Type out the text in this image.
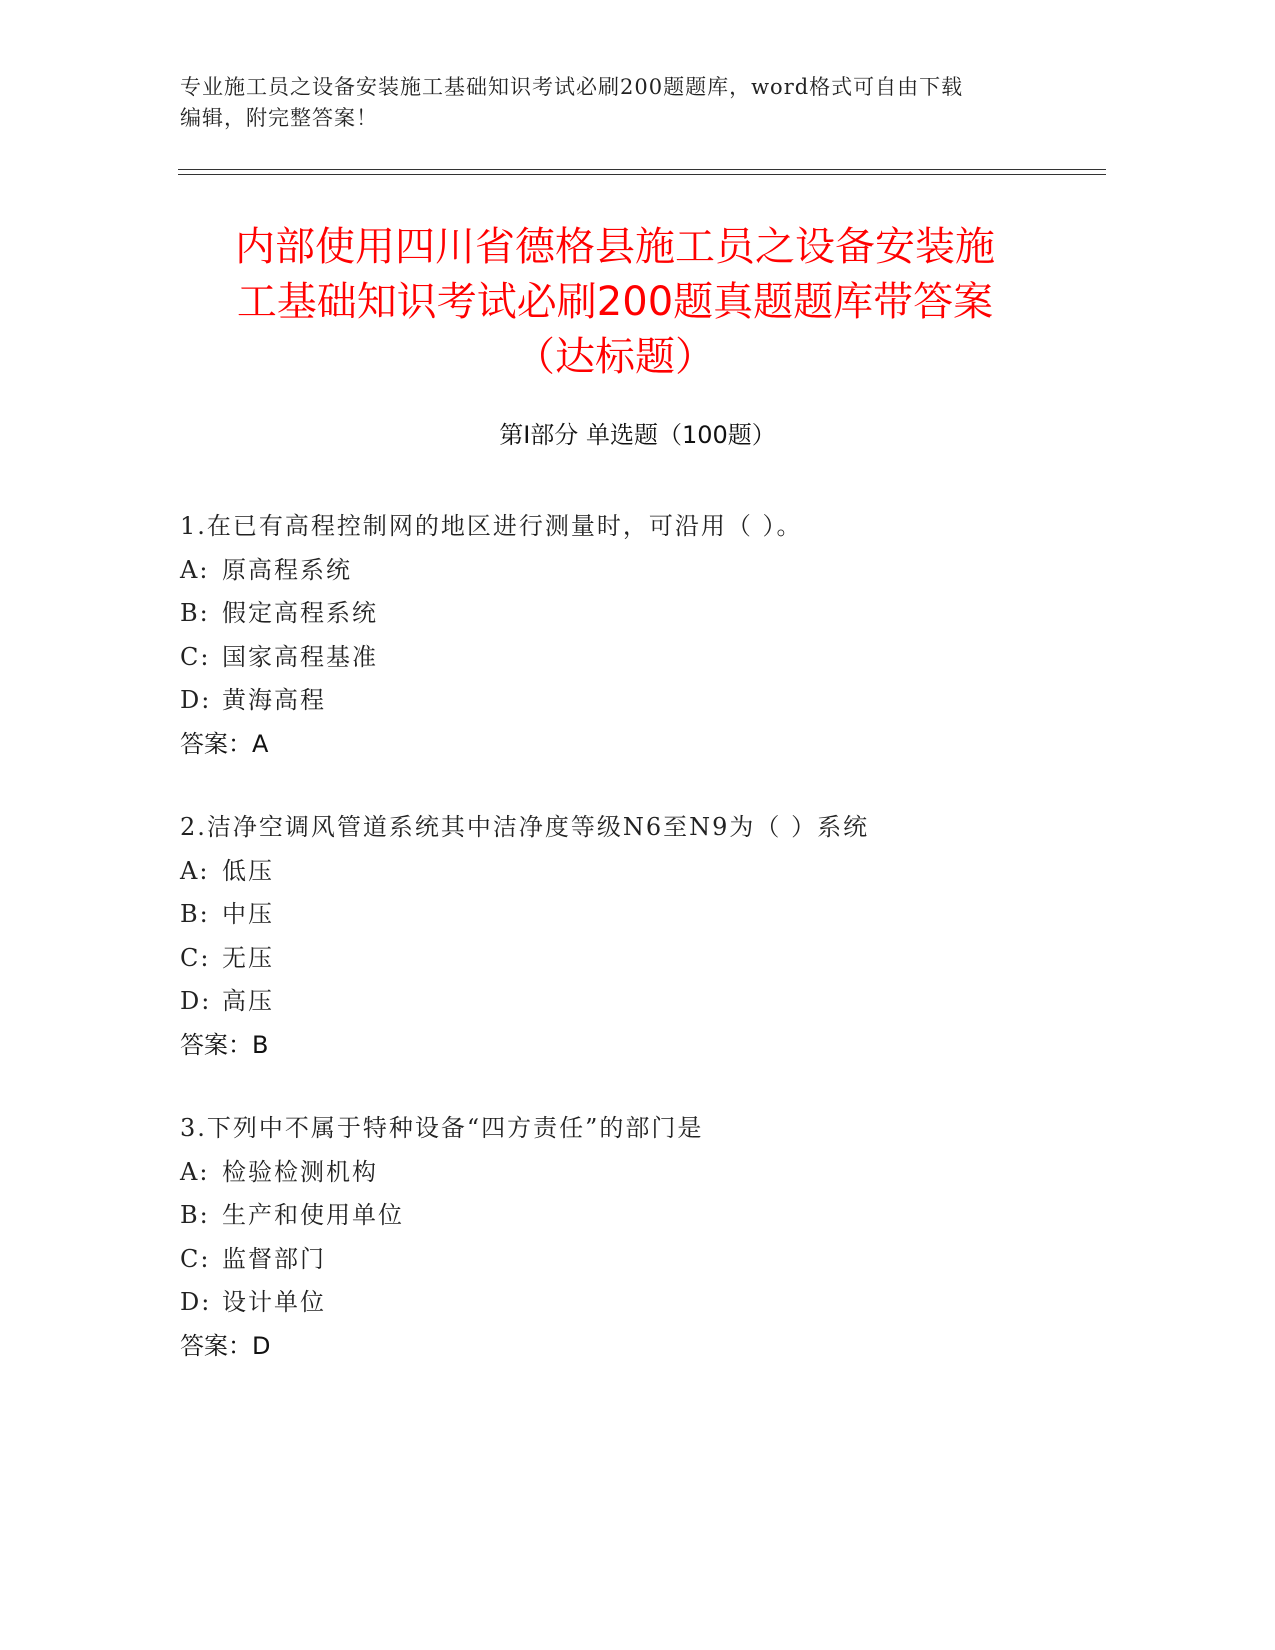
专业施工员之设备安装施工基础知识考试必刷200题题库，word格式可自由下载
编辑，附完整答案！
内部使用四川省德格县施工员之设备安装施
工基础知识考试必刷200题真题题库带答案
（达标题）
第Ⅰ部分 单选题（100题）
1.在已有高程控制网的地区进行测量时，可沿用（ ）。
A: 原高程系统
B: 假定高程系统
C: 国家高程基准
D: 黄海高程
答案：A
2.洁净空调风管道系统其中洁净度等级N6至N9为（ ）系统
A: 低压
B: 中压
C: 无压
D: 高压
答案：B
3.下列中不属于特种设备“四方责任”的部门是
A: 检验检测机构
B: 生产和使用单位
C: 监督部门
D: 设计单位
答案：D
